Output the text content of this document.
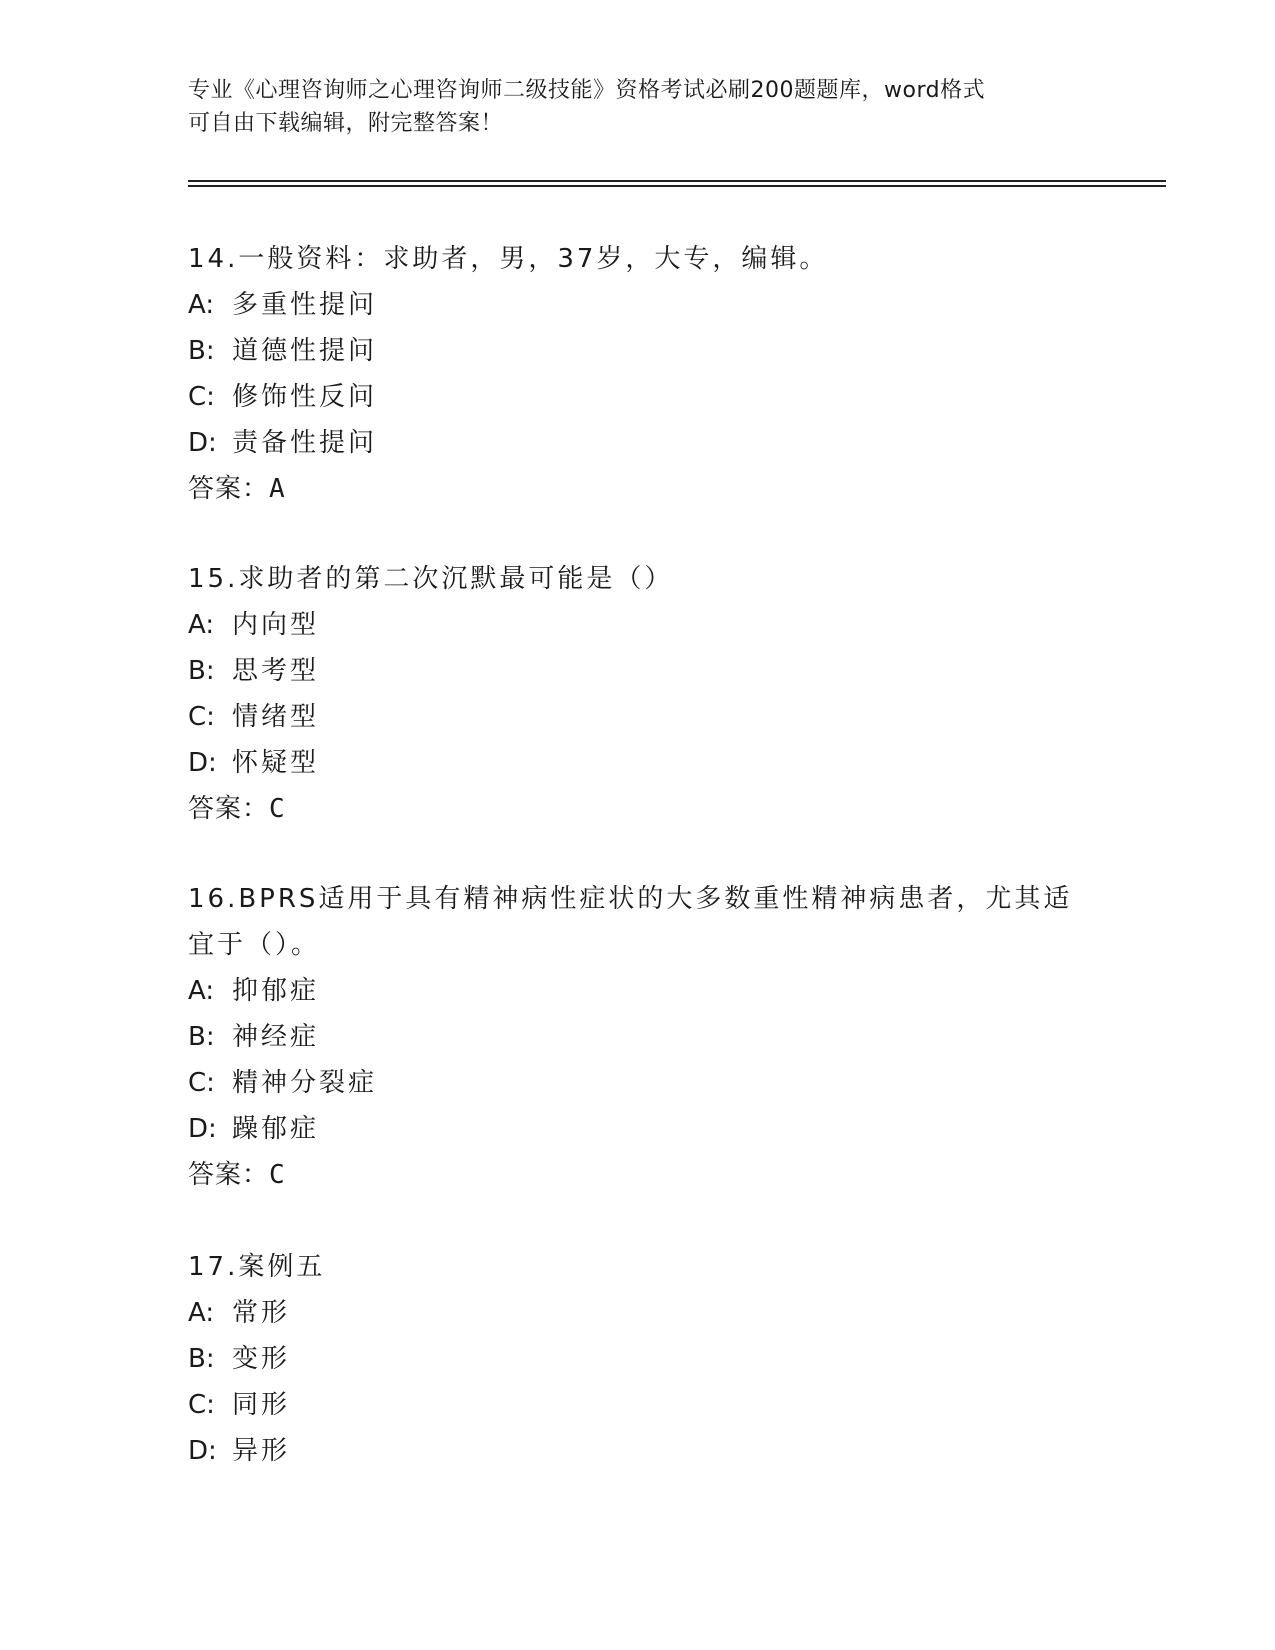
专业《心理咨询师之心理咨询师二级技能》资格考试必刷200题题库，word格式
可自由下载编辑，附完整答案！
14.一般资料：求助者，男，37岁，大专，编辑。
A: 多重性提问
B: 道德性提问
C: 修饰性反问
D: 责备性提问
答案：A
15.求助者的第二次沉默最可能是（）
A: 内向型
B: 思考型
C: 情绪型
D: 怀疑型
答案：C
16.BPRS适用于具有精神病性症状的大多数重性精神病患者，尤其适宜于（）。
A: 抑郁症
B: 神经症
C: 精神分裂症
D: 躁郁症
答案：C
17.案例五
A: 常形
B: 变形
C: 同形
D: 异形
